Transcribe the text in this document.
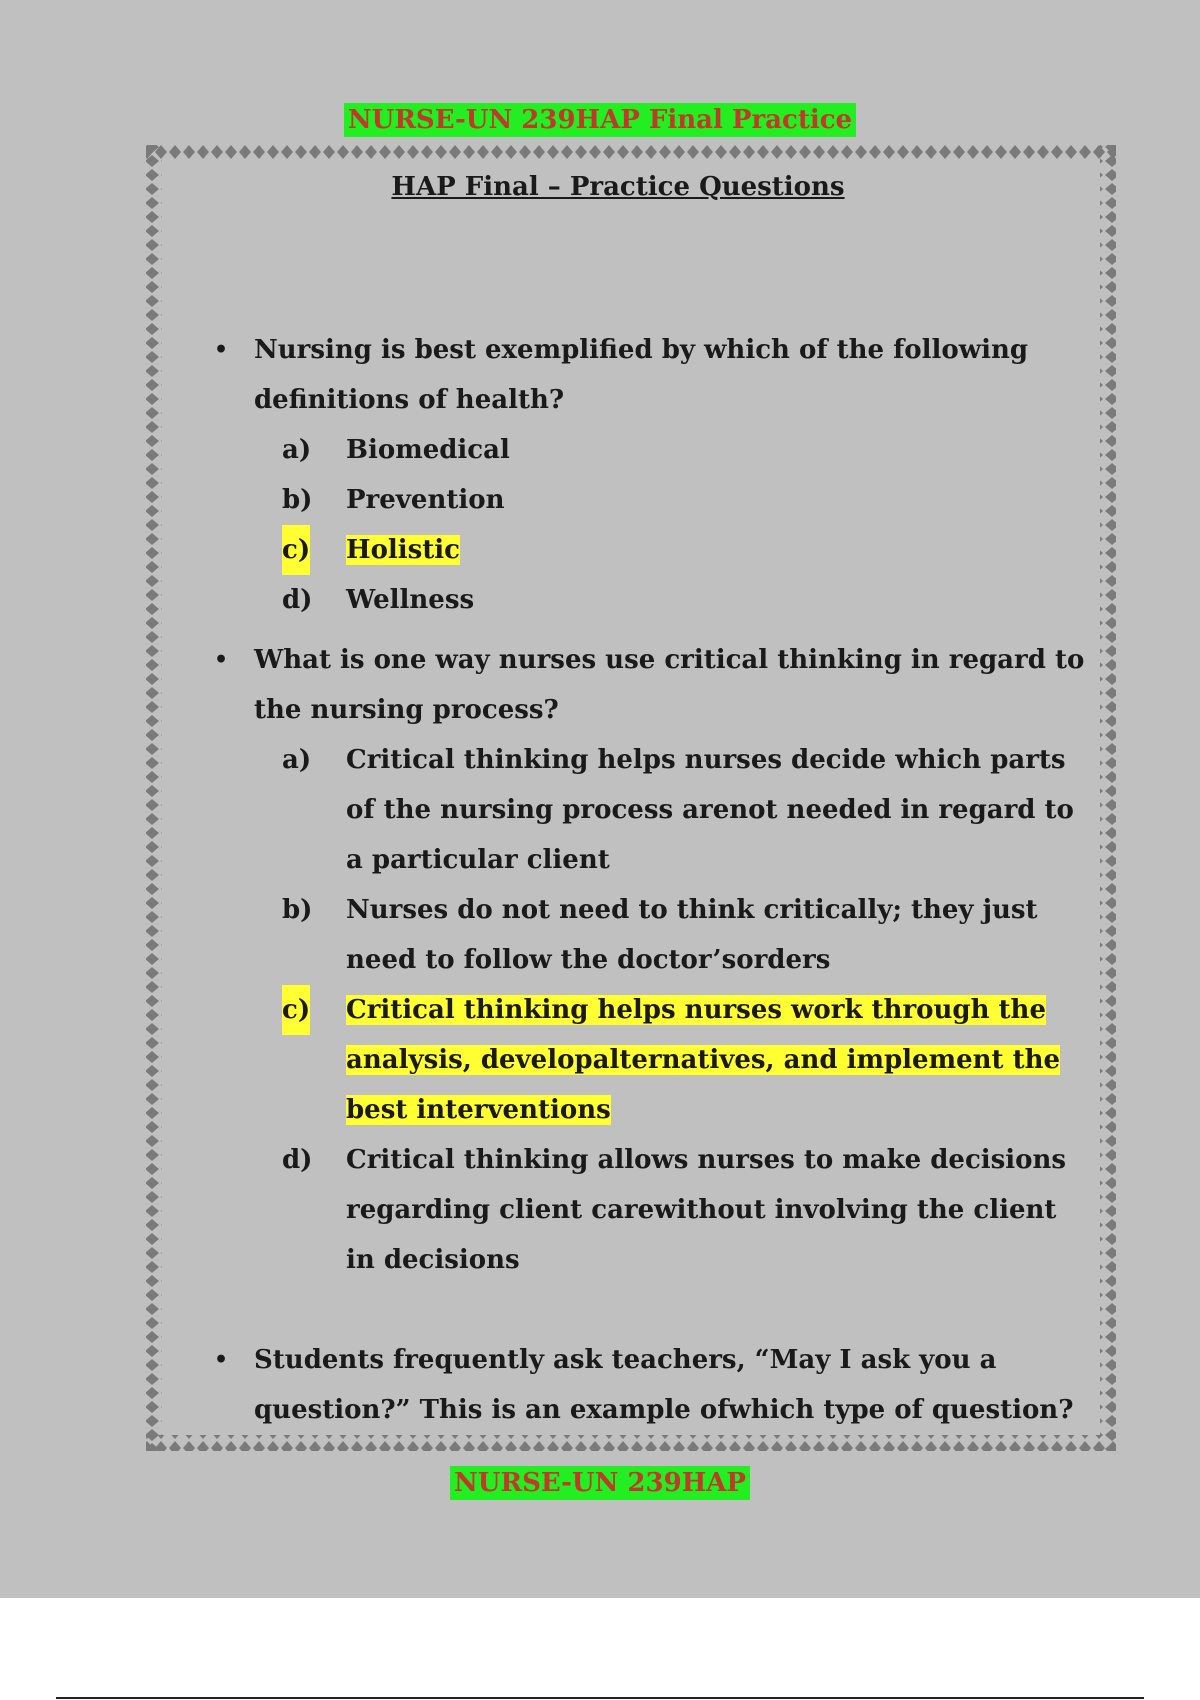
NURSE-UN 239HAP Final Practice
HAP Final – Practice Questions
• Nursing is best exemplified by which of the following definitions of health?

a) Biomedical
b) Prevention
c) Holistic
d) Wellness
• What is one way nurses use critical thinking in regard to the nursing process?

a) Critical thinking helps nurses decide which parts of the nursing process arenot needed in regard to a particular client
b) Nurses do not need to think critically; they just need to follow the doctor’sorders
c) Critical thinking helps nurses work through the analysis, developalternatives, and implement the best interventions
d) Critical thinking allows nurses to make decisions regarding client carewithout involving the client in decisions
• Students frequently ask teachers, “May I ask you a question?” This is an example ofwhich type of question?

NURSE-UN 239HAP
